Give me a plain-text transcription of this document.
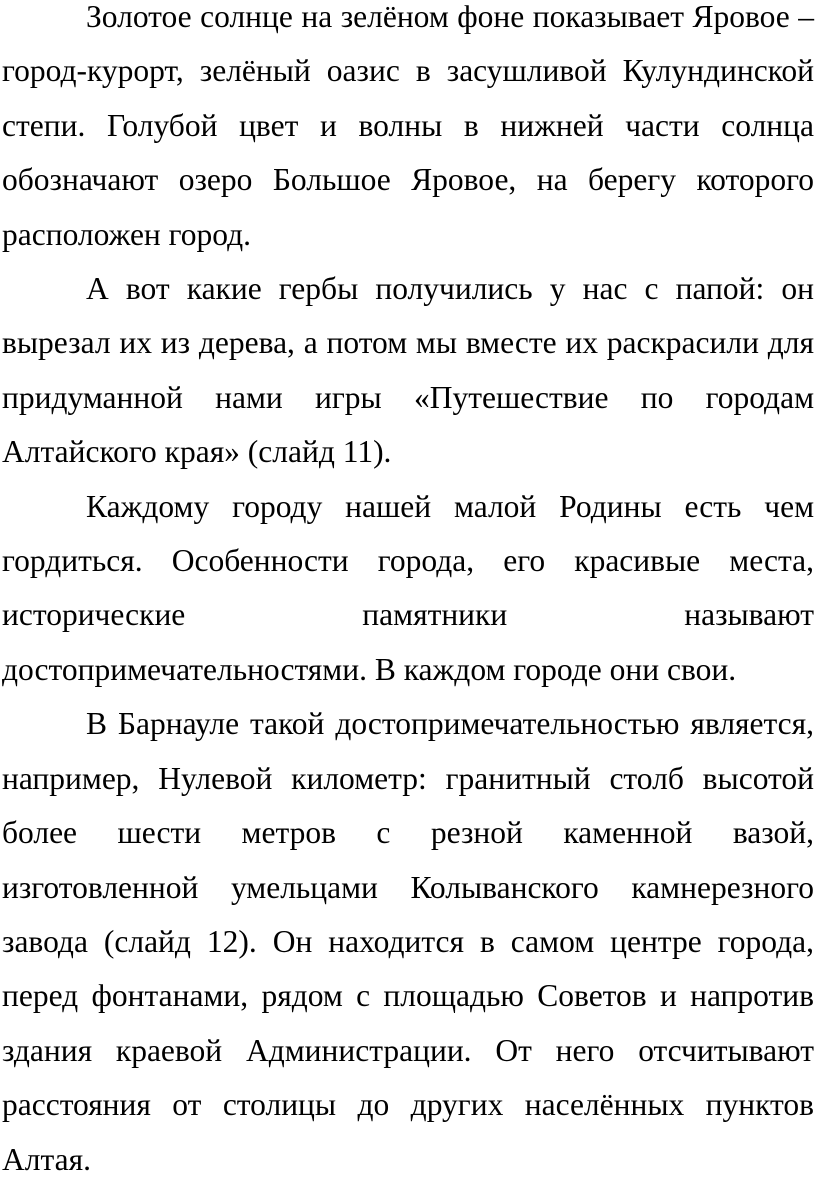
Золотое солнце на зелёном фоне показывает Яровое – город-курорт, зелёный оазис в засушливой Кулундинской степи. Голубой цвет и волны в нижней части солнца обозначают озеро Большое Яровое, на берегу которого расположен город.

А вот какие гербы получились у нас с папой: он вырезал их из дерева, а потом мы вместе их раскрасили для придуманной нами игры «Путешествие по городам Алтайского края» (слайд 11).

Каждому городу нашей малой Родины есть чем гордиться. Особенности города, его красивые места, исторические памятники называют достопримечательностями. В каждом городе они свои.

В Барнауле такой достопримечательностью является, например, Нулевой километр: гранитный столб высотой более шести метров с резной каменной вазой, изготовленной умельцами Колыванского камнерезного завода (слайд 12). Он находится в самом центре города, перед фонтанами, рядом с площадью Советов и напротив здания краевой Администрации. От него отсчитывают расстояния от столицы до других населённых пунктов Алтая.
